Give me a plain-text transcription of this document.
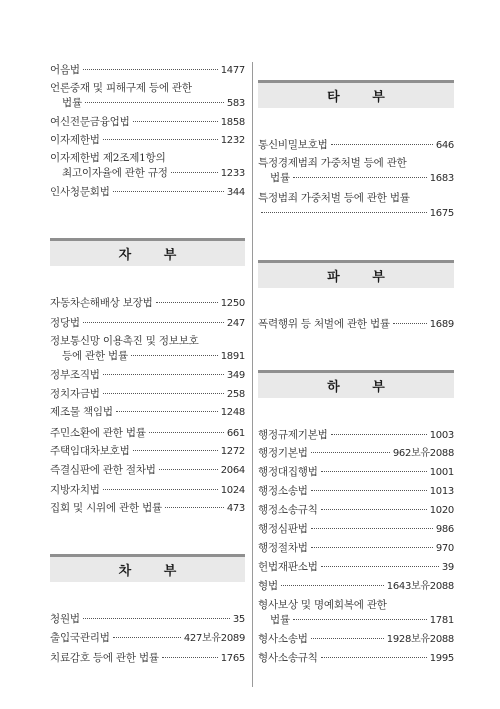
어음법	1477
언론중재 및 피해구제 등에 관한
법률	583
여신전문금융업법	1858
이자제한법	1232
이자제한법 제2조제1항의
최고이자율에 관한 규정	1233
인사청문회법	344
자 부
자동차손해배상 보장법	1250
정당법	247
정보통신망 이용촉진 및 정보보호
등에 관한 법률	1891
정부조직법	349
정치자금법	258
제조물 책임법	1248
주민소환에 관한 법률	661
주택임대차보호법	1272
즉결심판에 관한 절차법	2064
지방자치법	1024
집회 및 시위에 관한 법률	473
차 부
청원법	35
출입국관리법	427보유2089
치료감호 등에 관한 법률	1765
타 부
통신비밀보호법	646
특정경제범죄 가중처벌 등에 관한
법률	1683
특정범죄 가중처벌 등에 관한 법률
1675
파 부
폭력행위 등 처벌에 관한 법률	1689
하 부
행정규제기본법	1003
행정기본법	962보유2088
행정대집행법	1001
행정소송법	1013
행정소송규칙	1020
행정심판법	986
행정절차법	970
헌법재판소법	39
형법	1643보유2088
형사보상 및 명예회복에 관한
법률	1781
형사소송법	1928보유2088
형사소송규칙	1995
